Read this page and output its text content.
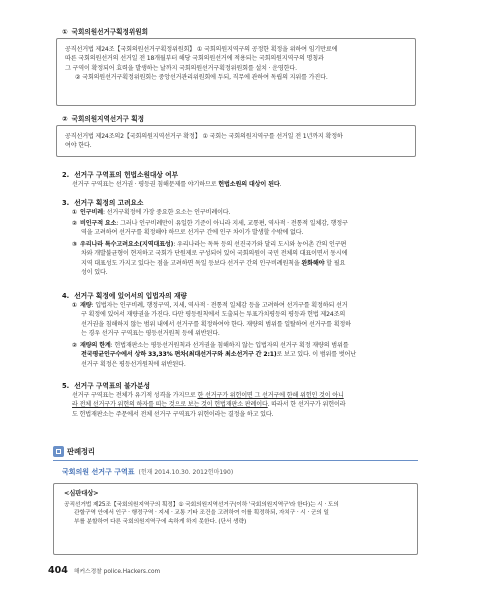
① 국회의원선거구획정위원회

공직선거법 제24조【국회의원선거구획정위원회】 ① 국회의원지역구의 공정한 획정을 위하여 임기만료에

따른 국회의원선거의 선거일 전 18개월부터 해당 국회의원선거에 적용되는 국회의원지역구의 명칭과

그 구역이 확정되어 효력을 발생하는 날까지 국회의원선거구획정위원회를 설치 · 운영한다.

② 국회의원선거구획정위원회는 중앙선거관리위원회에 두되, 직무에 관하여 독립의 지위를 가진다.

② 국회의원지역선거구 획정

공직선거법 제24조의2【국회의원지역선거구 확정】 ① 국회는 국회의원지역구를 선거일 전 1년까지 확정하

여야 한다.

2. 선거구 구역표의 헌법소원대상 여부

선거구 구역표는 선거권 · 평등권 침해문제를 야기하므로 헌법소원의 대상이 된다.

3. 선거구 획정의 고려요소

① 인구비례: 선거구획정에 가장 중요한 요소는 인구비례이다.

② 비인구적 요소: 그러나 인구비례만이 유일한 기준이 아니라 지세, 교통편, 역사적 · 전통적 일체감, 행정구
역을 고려하여 선거구를 획정해야 하므로 선거구 간에 인구 차이가 발생할 수밖에 없다.

③ 우리나라 특수고려요소(지역대표성): 우리나라는 독특 등의 선진국가와 달리 도시와 농어촌 간의 인구편
차와 개발불균형이 현저하고 국회가 단원제로 구성되어 있어 국회의원이 국민 전체의 대표이면서 동시에
지역 대표성도 가지고 있다는 점을 고려하면 독일 등보다 선거구 간의 인구비례원칙을 완화해야 할 필요
성이 있다.

4. 선거구 획정에 있어서의 입법자의 재량

① 재량: 입법자는 인구비례, 행정구역, 지세, 역사적 · 전통적 일체감 등을 고려하여 선거구를 획정하되 선거
구 획정에 있어서 재량권을 가진다. 다만 평등원칙에서 도출되는 투표가치평등의 평등과 헌법 제24조의
선거권을 침해하지 않는 범위 내에서 선거구를 획정하여야 한다. 재량의 범위를 일탈하여 선거구를 획정하
는 경우 선거구 구역표는 평등선거원칙 등에 위반된다.

② 재량의 한계: 헌법재판소는 평등선거원칙과 선거권을 침해하지 않는 입법자의 선거구 획정 재량의 범위를
전국평균인구수에서 상하 33,33% 편차(최대선거구와 최소선거구 간 2:1)로 보고 있다. 이 범위를 벗어난
선거구 획정은 평등선거원칙에 위반된다.

5. 선거구 구역표의 불가분성

선거구 구역표는 전체가 유기적 성격을 가지므로 한 선거구가 위헌이면 그 선거구에 한해 위헌인 것이 아니
라 전체 선거구가 위헌의 하자를 띠는 것으로 보는 것이 헌법재판소 판례이다. 따라서 한 선거구가 위헌이라
도 헌법재판소는 주문에서 전체 선거구 구역표가 위헌이라는 결정을 하고 있다.

판례정리
국회의원 선거구 구역표 (헌재 2014.10.30. 2012헌마190)
<심판대상>
공직선거법 제25조【국회의원지역구의 획정】① 국회의원지역선거구(이하 '국회의원지역구'라 한다)는 시 · 도의
관할구역 안에서 인구 · 행정구역 · 지세 · 교통 기타 조건을 고려하여 이를 획정하되, 자치구 · 시 · 군의 일
부를 분할하여 다른 국회의원지역구에 속하게 하지 못한다. (단서 생략)
404 해커스경찰 police.Hackers.com
